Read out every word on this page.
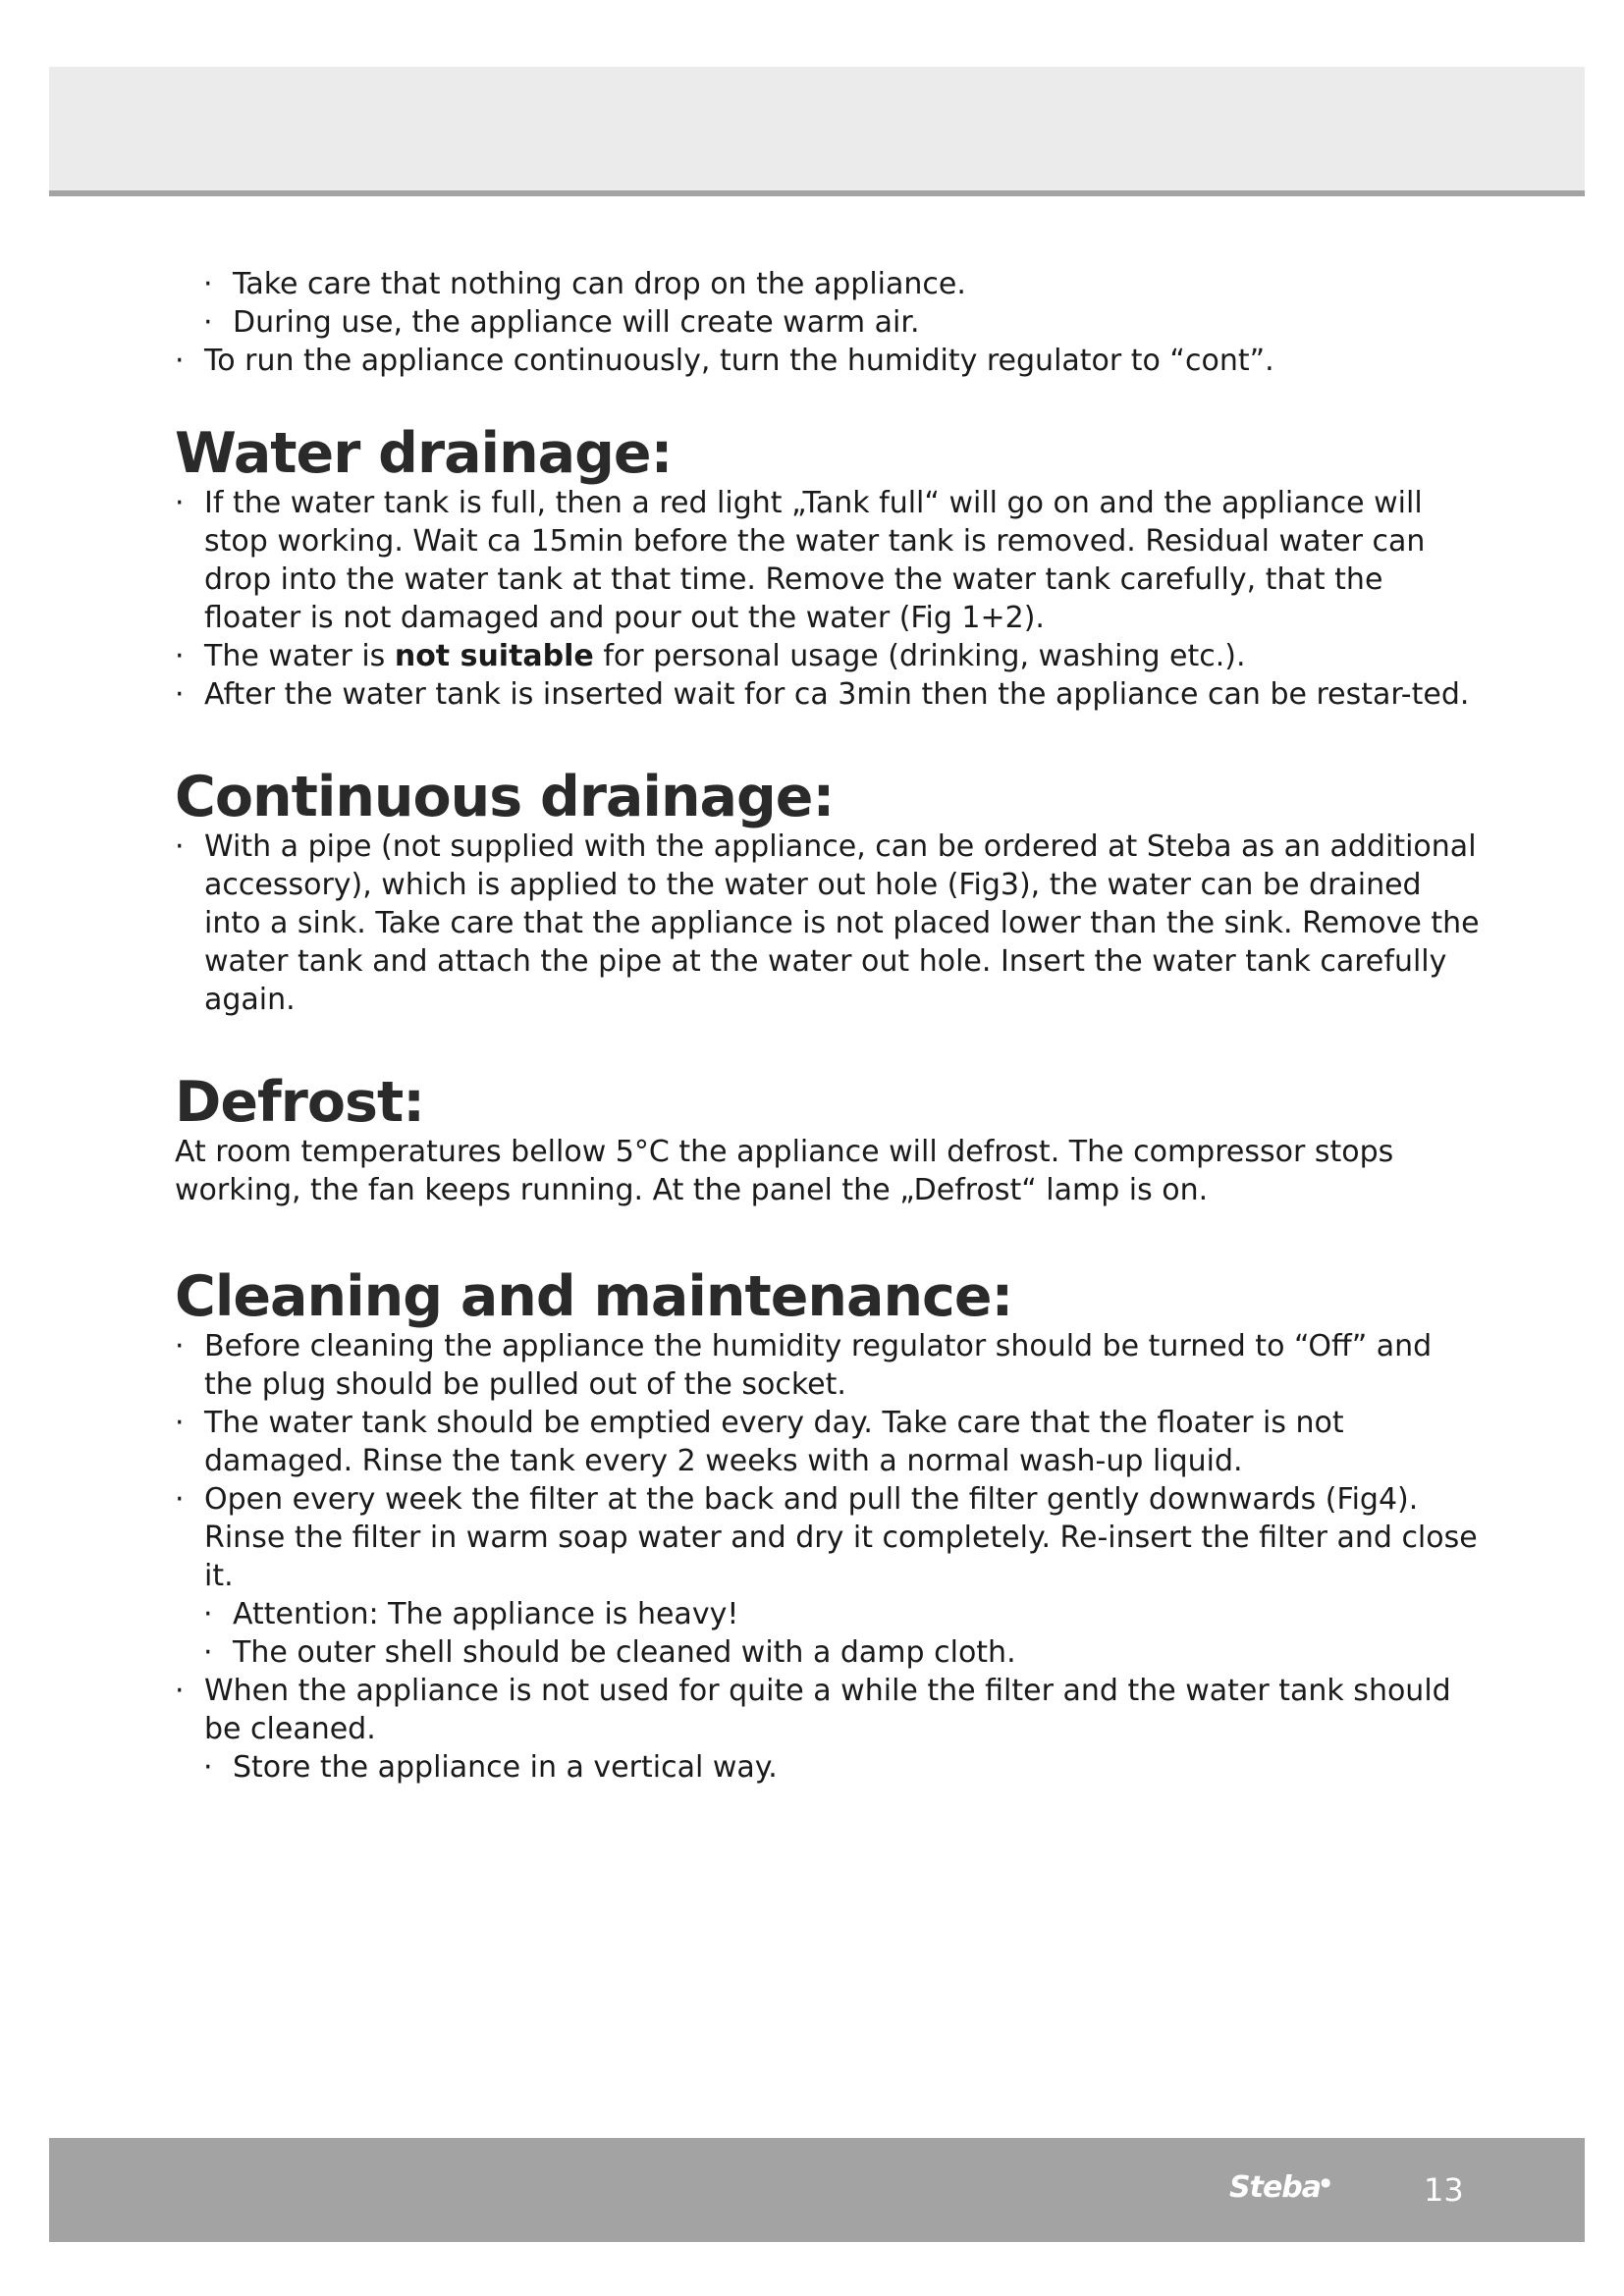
· Take care that nothing can drop on the appliance.

· During use, the appliance will create warm air.

· To run the appliance continuously, turn the humidity regulator to “cont”.

Water drainage:

· If the water tank is full, then a red light „Tank full“ will go on and the appliance will stop working. Wait ca 15min before the water tank is removed. Residual water can drop into the water tank at that time. Remove the water tank carefully, that the floater is not damaged and pour out the water (Fig 1+2).

· The water is not suitable for personal usage (drinking, washing etc.).

· After the water tank is inserted wait for ca 3min then the appliance can be restar-ted.

Continuous drainage:

· With a pipe (not supplied with the appliance, can be ordered at Steba as an additional accessory), which is applied to the water out hole (Fig3), the water can be drained into a sink. Take care that the appliance is not placed lower than the sink. Remove the water tank and attach the pipe at the water out hole. Insert the water tank carefully again.

Defrost:

At room temperatures bellow 5°C the appliance will defrost. The compressor stops working, the fan keeps running. At the panel the „Defrost“ lamp is on.

Cleaning and maintenance:

· Before cleaning the appliance the humidity regulator should be turned to “Off” and the plug should be pulled out of the socket.

· The water tank should be emptied every day. Take care that the floater is not damaged. Rinse the tank every 2 weeks with a normal wash-up liquid.

· Open every week the filter at the back and pull the filter gently downwards (Fig4). Rinse the filter in warm soap water and dry it completely. Re-insert the filter and close it.

· Attention: The appliance is heavy!

· The outer shell should be cleaned with a damp cloth.

· When the appliance is not used for quite a while the filter and the water tank should be cleaned.

· Store the appliance in a vertical way.

Steba●	13
